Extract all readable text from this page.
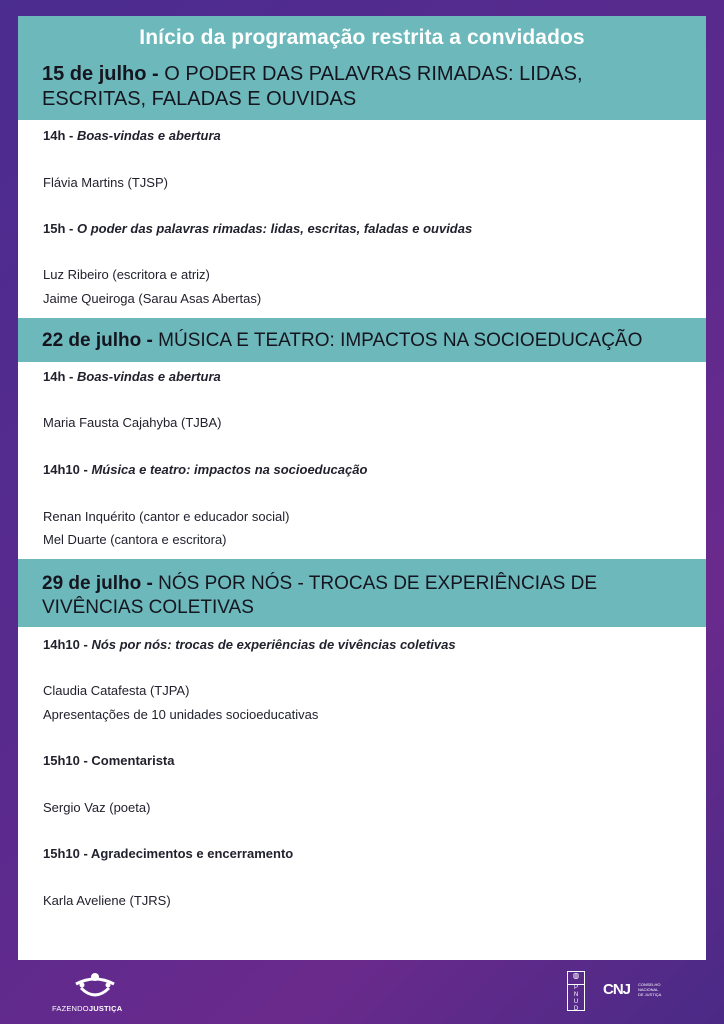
Início da programação restrita a convidados
15 de julho - O PODER DAS PALAVRAS RIMADAS: LIDAS, ESCRITAS, FALADAS E OUVIDAS
14h - Boas-vindas e abertura
Flávia Martins (TJSP)
15h - O poder das palavras rimadas: lidas, escritas, faladas e ouvidas
Luz Ribeiro (escritora e atriz)
Jaime Queiroga (Sarau Asas Abertas)
22 de julho - MÚSICA E TEATRO: IMPACTOS NA SOCIOEDUCAÇÃO
14h - Boas-vindas e abertura
Maria Fausta Cajahyba (TJBA)
14h10 - Música e teatro: impactos na socioeducação
Renan Inquérito (cantor e educador social)
Mel Duarte (cantora e escritora)
29 de julho - NÓS POR NÓS - TROCAS DE EXPERIÊNCIAS DE VIVÊNCIAS COLETIVAS
14h10 - Nós por nós: trocas de experiências de vivências coletivas
Claudia Catafesta (TJPA)
Apresentações de 10 unidades socioeducativas
15h10 - Comentarista
Sergio Vaz (poeta)
15h10 - Agradecimentos e encerramento
Karla Aveliene (TJRS)
FAZENDOJUSTIÇA
◍
P N U D
CNJ CONSELHO NACIONAL DE JUSTIÇA
